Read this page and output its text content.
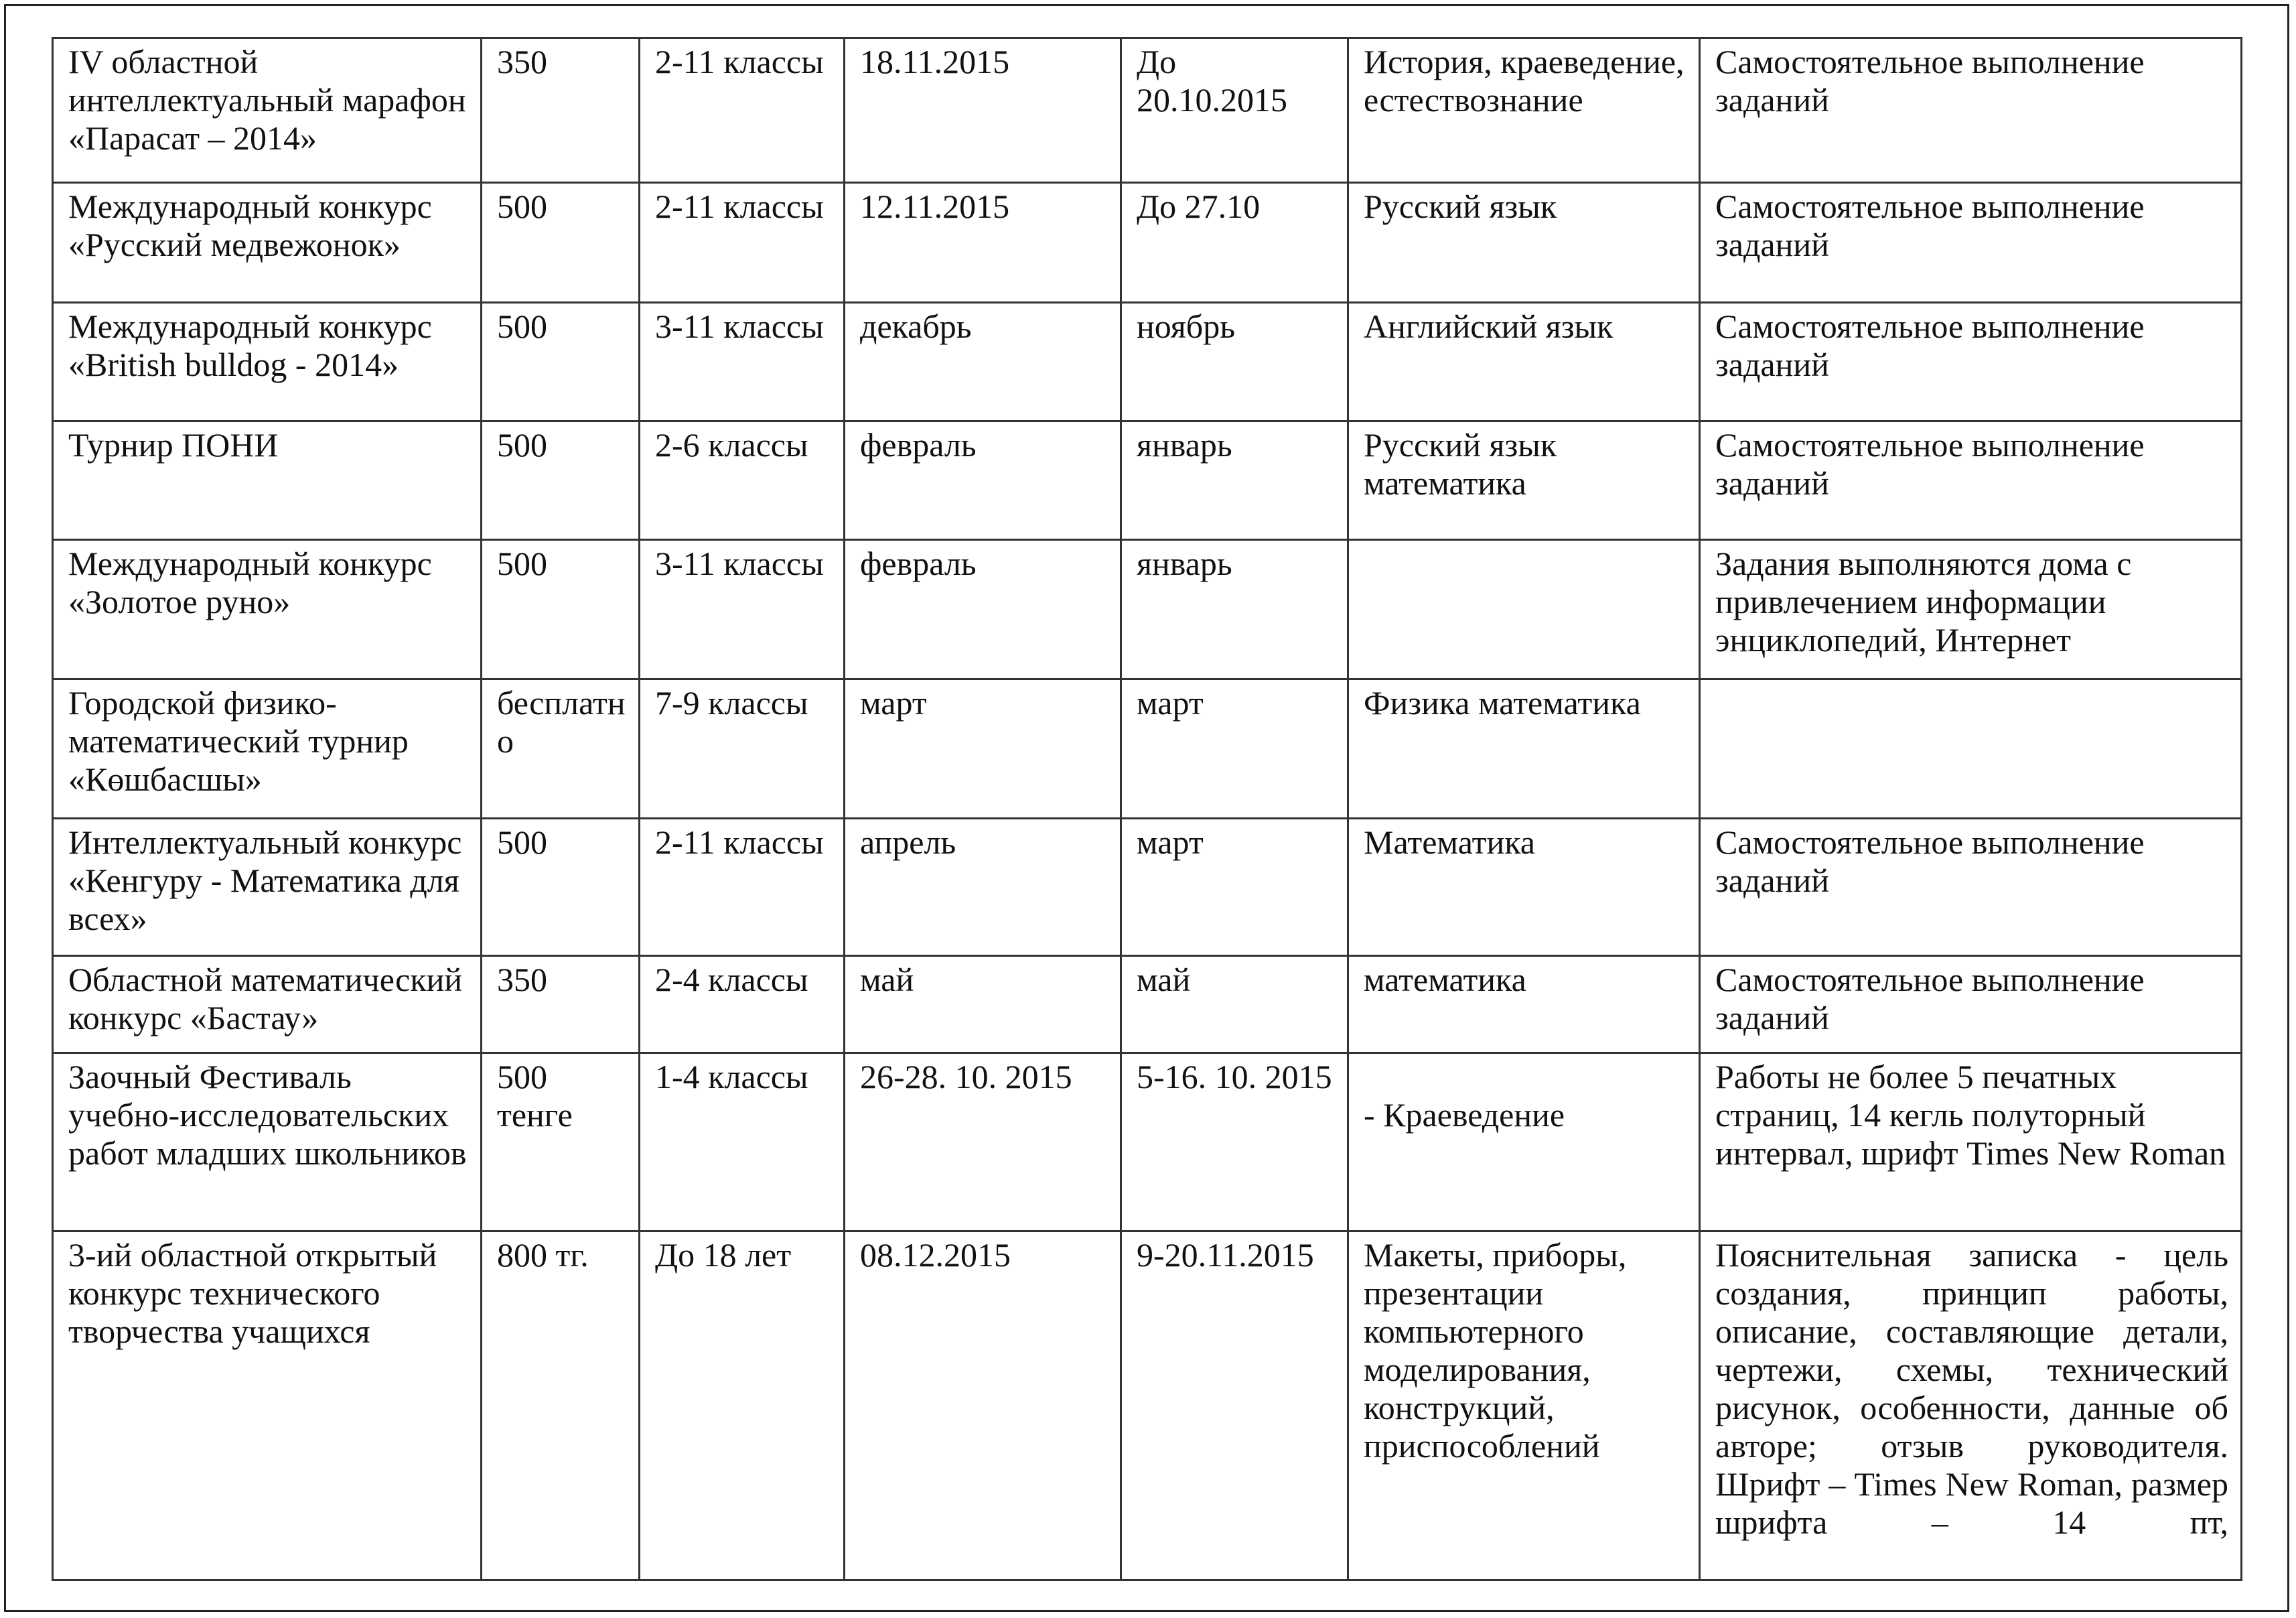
IV областной интеллектуальный марафон «Парасат – 2014»	350	2-11 классы	18.11.2015	До 20.10.2015	История, краеведение, естествознание	Самостоятельное выполнение заданий
Международный конкурс «Русский медвежонок»	500	2-11 классы	12.11.2015	До 27.10	Русский язык	Самостоятельное выполнение заданий
Международный конкурс «British bulldog - 2014»	500	3-11 классы	декабрь	ноябрь	Английский язык	Самостоятельное выполнение заданий
Турнир ПОНИ	500	2-6 классы	февраль	январь	Русский язык математика	Самостоятельное выполнение заданий
Международный конкурс «Золотое руно»	500	3-11 классы	февраль	январь		Задания выполняются дома с привлечением информации энциклопедий, Интернет
Городской физико-математический турнир «Көшбасшы»	бесплатно	7-9 классы	март	март	Физика математика	
Интеллектуальный конкурс «Кенгуру - Математика для всех»	500	2-11 классы	апрель	март	Математика	Самостоятельное выполнение заданий
Областной математический конкурс «Бастау»	350	2-4 классы	май	май	математика	Самостоятельное выполнение заданий
Заочный Фестиваль учебно-исследовательских работ младших школьников	500 тенге	1-4 классы	26-28. 10. 2015	5-16. 10. 2015	- Краеведение	Работы не более 5 печатных страниц, 14 кегль полуторный интервал, шрифт Times New Roman
3-ий областной открытый конкурс технического творчества учащихся	800 тг.	До 18 лет	08.12.2015	9-20.11.2015	Макеты, приборы, презентации компьютерного моделирования, конструкций, приспособлений	Пояснительная записка - цель создания, принцип работы, описание, составляющие детали, чертежи, схемы, технический рисунок, особенности, данные об авторе; отзыв руководителя. Шрифт – Times New Roman, размер шрифта – 14 пт,
